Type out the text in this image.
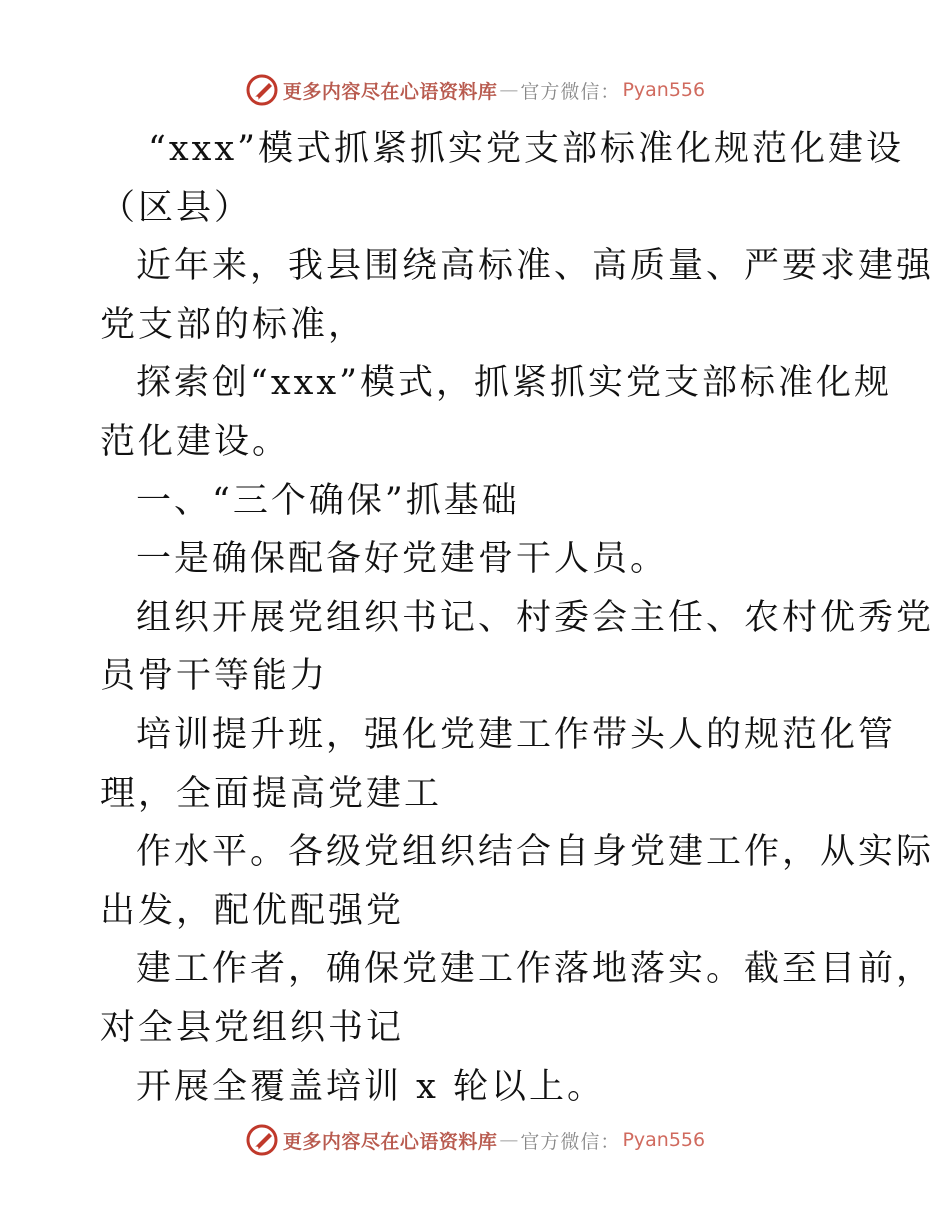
更多内容尽在心语资料库 — 官方微信： Pyan556
“xxx”模式抓紧抓实党支部标准化规范化建设
（区县）
近年来，我县围绕高标准、高质量、严要求建强
党支部的标准，
探索创“xxx”模式，抓紧抓实党支部标准化规
范化建设。
一、“三个确保”抓基础
一是确保配备好党建骨干人员。
组织开展党组织书记、村委会主任、农村优秀党
员骨干等能力
培训提升班，强化党建工作带头人的规范化管
理，全面提高党建工
作水平。各级党组织结合自身党建工作，从实际
出发，配优配强党
建工作者，确保党建工作落地落实。截至目前，
对全县党组织书记
开展全覆盖培训 x 轮以上。
更多内容尽在心语资料库 — 官方微信： Pyan556
